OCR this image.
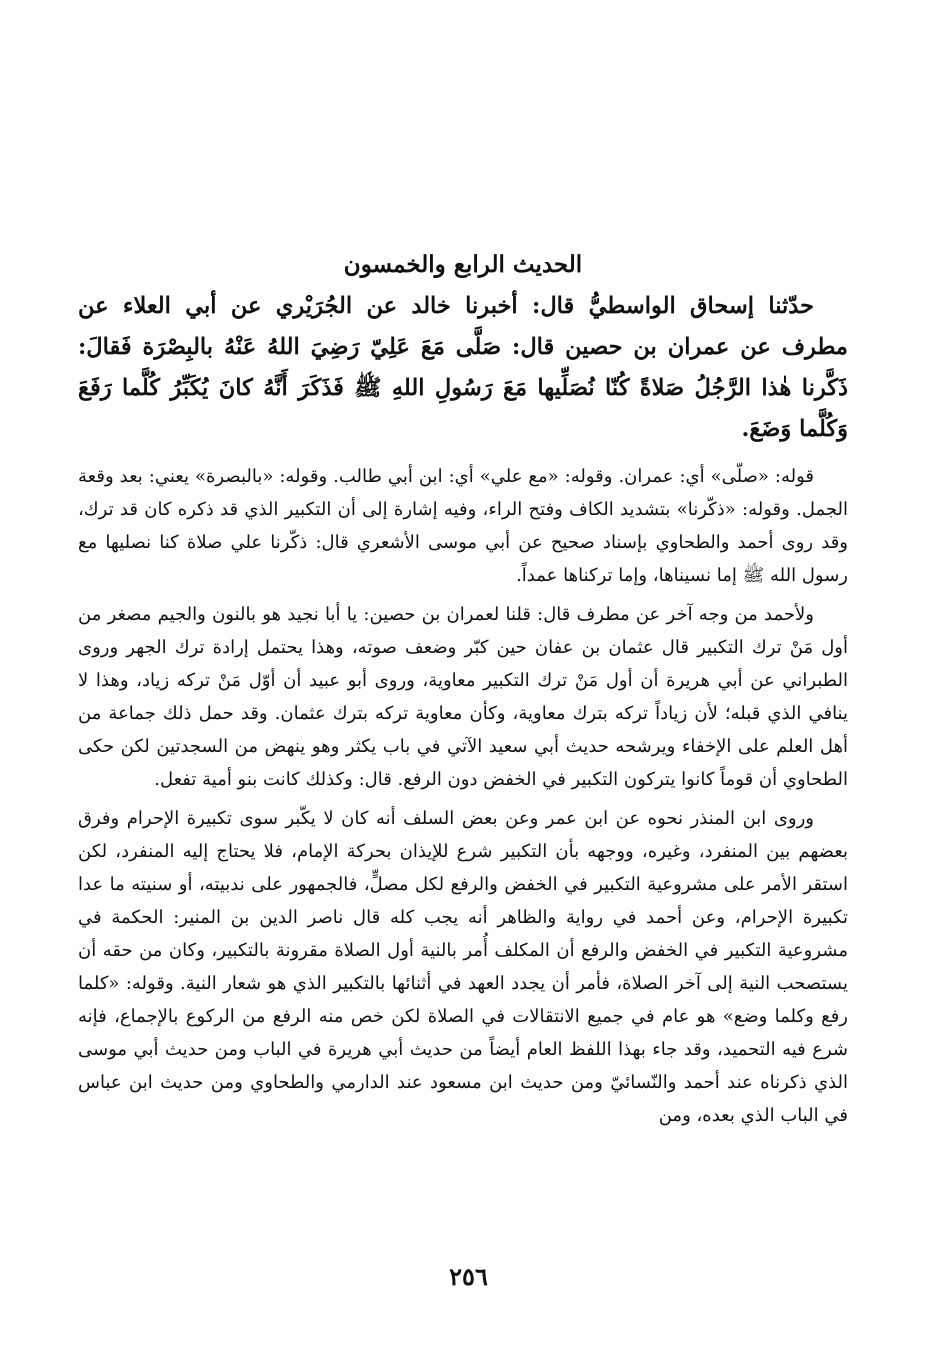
الحديث الرابع والخمسون

حدّثنا إسحاق الواسطيُّ قال: أخبرنا خالد عن الجُرَيْري عن أبي العلاء عن مطرف عن عمران بن حصين قال: صَلَّى مَعَ عَلِيّ رَضِيَ اللهُ عَنْهُ بالبِصْرَة فَقالَ: ذَكَّرنا هٰذا الرَّجُلُ صَلاةً كُنّا نُصَلِّيها مَعَ رَسُولِ اللهِ ﷺ فَذَكَرَ أَنَّهُ كانَ يُكَبِّرُ كُلَّما رَفَعَ وَكُلَّما وَضَعَ.

قوله: «صلّى» أي: عمران. وقوله: «مع علي» أي: ابن أبي طالب. وقوله: «بالبصرة» يعني: بعد وقعة الجمل. وقوله: «ذكّرنا» بتشديد الكاف وفتح الراء، وفيه إشارة إلى أن التكبير الذي قد ذكره كان قد ترك، وقد روى أحمد والطحاوي بإسناد صحيح عن أبي موسى الأشعري قال: ذكّرنا علي صلاة كنا نصليها مع رسول الله ﷺ إما نسيناها، وإما تركناها عمداً.

ولأحمد من وجه آخر عن مطرف قال: قلنا لعمران بن حصين: يا أبا نجيد هو بالنون والجيم مصغر من أول مَنْ ترك التكبير قال عثمان بن عفان حين كبّر وضعف صوته، وهذا يحتمل إرادة ترك الجهر وروى الطبراني عن أبي هريرة أن أول مَنْ ترك التكبير معاوية، وروى أبو عبيد أن أوّل مَنْ تركه زياد، وهذا لا ينافي الذي قبله؛ لأن زياداً تركه بترك معاوية، وكأن معاوية تركه بترك عثمان. وقد حمل ذلك جماعة من أهل العلم على الإخفاء ويرشحه حديث أبي سعيد الآتي في باب يكثر وهو ينهض من السجدتين لكن حكى الطحاوي أن قوماً كانوا يتركون التكبير في الخفض دون الرفع. قال: وكذلك كانت بنو أمية تفعل.

وروى ابن المنذر نحوه عن ابن عمر وعن بعض السلف أنه كان لا يكّبر سوى تكبيرة الإحرام وفرق بعضهم بين المنفرد، وغيره، ووجهه بأن التكبير شرع للإيذان بحركة الإمام، فلا يحتاج إليه المنفرد، لكن استقر الأمر على مشروعية التكبير في الخفض والرفع لكل مصلٍّ، فالجمهور على ندبيته، أو سنيته ما عدا تكبيرة الإحرام، وعن أحمد في رواية والظاهر أنه يجب كله قال ناصر الدين بن المنير: الحكمة في مشروعية التكبير في الخفض والرفع أن المكلف أُمر بالنية أول الصلاة مقرونة بالتكبير، وكان من حقه أن يستصحب النية إلى آخر الصلاة، فأمر أن يجدد العهد في أثنائها بالتكبير الذي هو شعار النية. وقوله: «كلما رفع وكلما وضع» هو عام في جميع الانتقالات في الصلاة لكن خص منه الرفع من الركوع بالإجماع، فإنه شرع فيه التحميد، وقد جاء بهذا اللفظ العام أيضاً من حديث أبي هريرة في الباب ومن حديث أبي موسى الذي ذكرناه عند أحمد والنّسائيّ ومن حديث ابن مسعود عند الدارمي والطحاوي ومن حديث ابن عباس في الباب الذي بعده، ومن

٢٥٦
